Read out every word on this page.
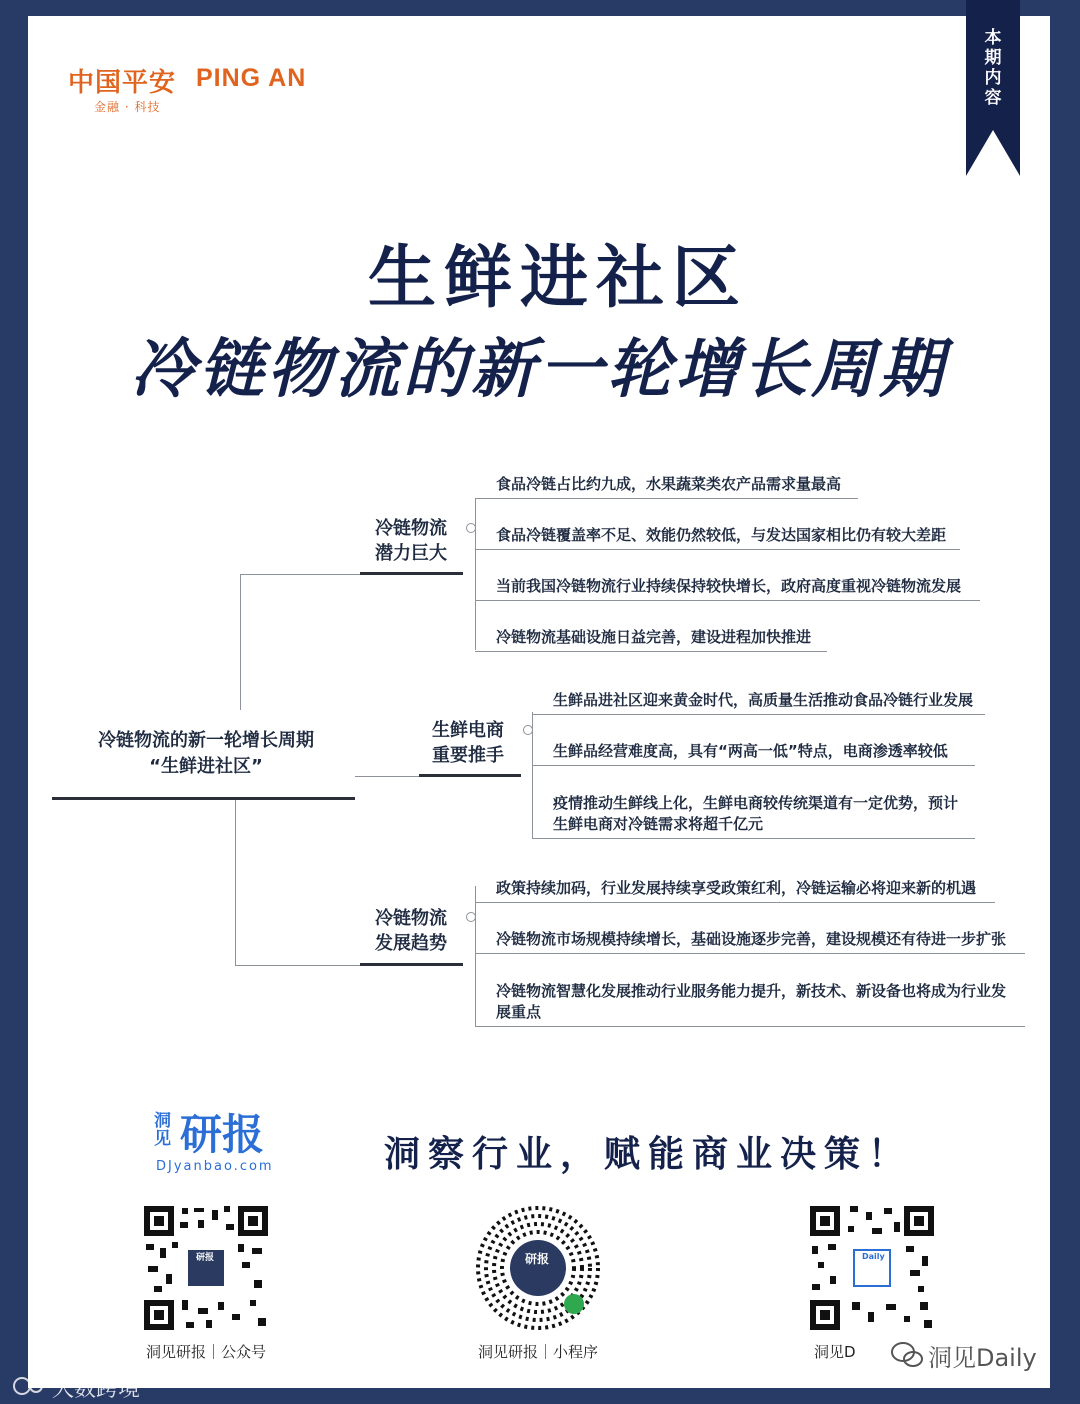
中国平安 PING AN
金融 · 科技
本期内容
生鲜进社区
冷链物流的新一轮增长周期
冷链物流的新一轮增长周期
“生鲜进社区”
冷链物流
潜力巨大
食品冷链占比约九成，水果蔬菜类农产品需求量最高
食品冷链覆盖率不足、效能仍然较低，与发达国家相比仍有较大差距
当前我国冷链物流行业持续保持较快增长，政府高度重视冷链物流发展
冷链物流基础设施日益完善，建设进程加快推进
生鲜电商
重要推手
生鲜品进社区迎来黄金时代，高质量生活推动食品冷链行业发展
生鲜品经营难度高，具有“两高一低”特点，电商渗透率较低
疫情推动生鲜线上化，生鲜电商较传统渠道有一定优势，预计
生鲜电商对冷链需求将超千亿元
冷链物流
发展趋势
政策持续加码，行业发展持续享受政策红利，冷链运输必将迎来新的机遇
冷链物流市场规模持续增长，基础设施逐步完善，建设规模还有待进一步扩张
冷链物流智慧化发展推动行业服务能力提升，新技术、新设备也将成为行业发
展重点
洞见 研报
DJyanbao.com	洞察行业，赋能商业决策！
研报
洞见研报｜公众号
研报
洞见研报｜小程序
Daily
洞见D
大数跨境
洞见Daily
